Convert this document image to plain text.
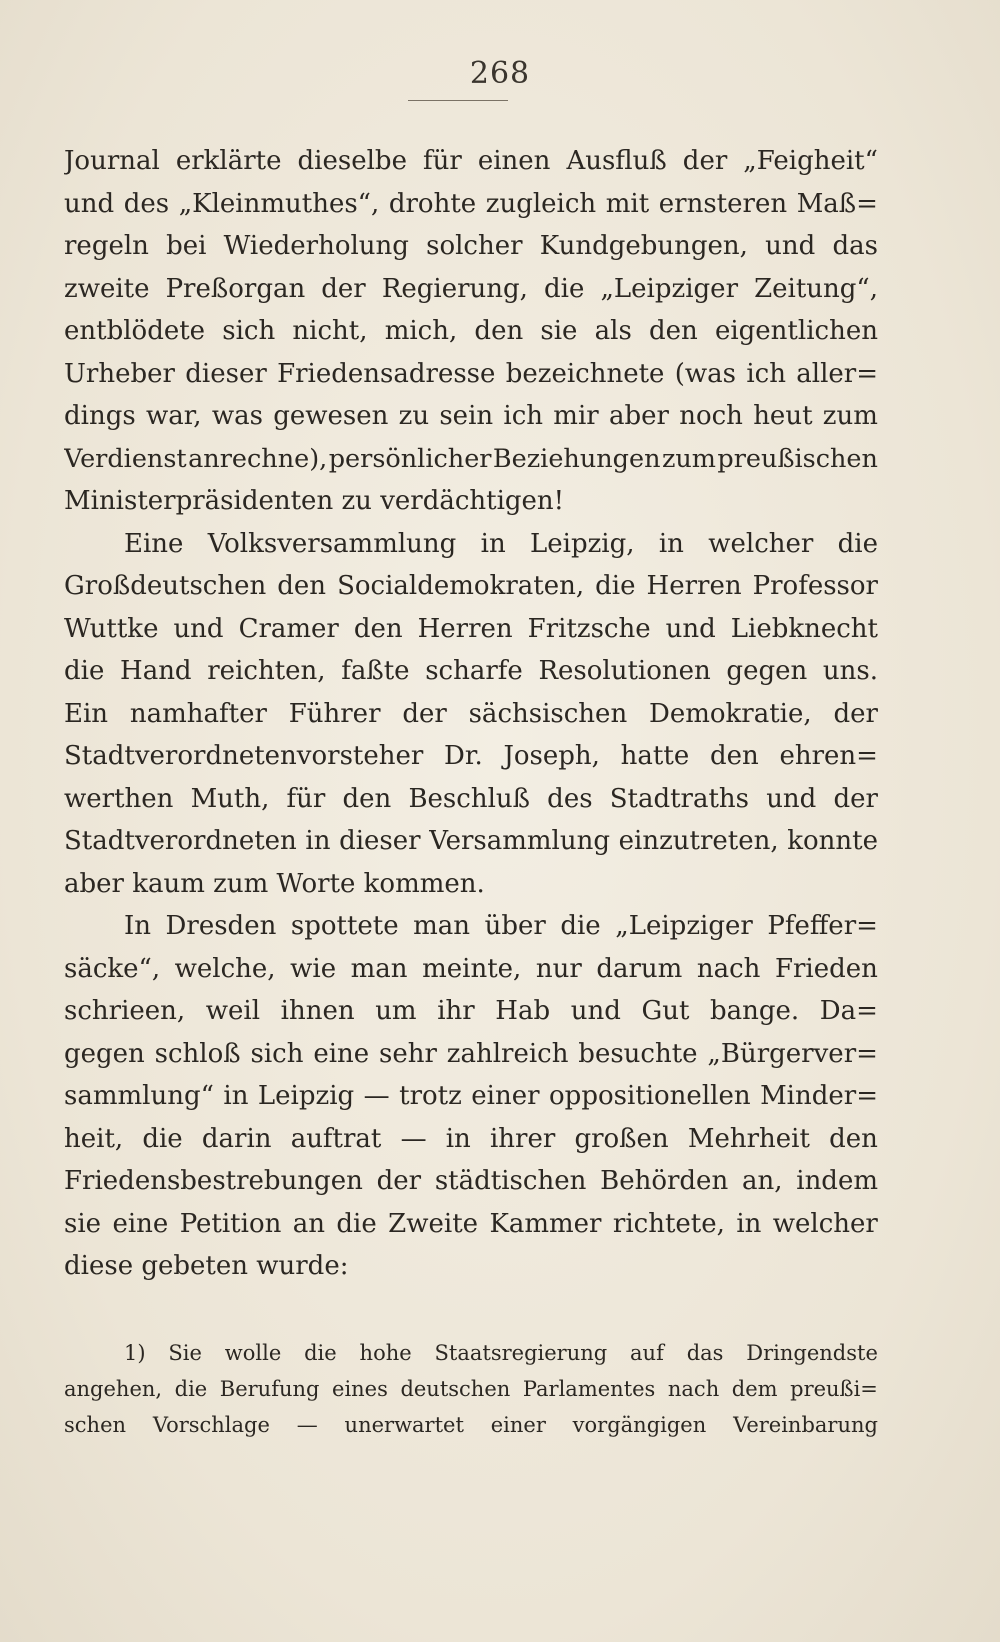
268
Journal erklärte dieselbe für einen Ausfluß der „Feigheit“
und des „Kleinmuthes“, drohte zugleich mit ernsteren Maß=
regeln bei Wiederholung solcher Kundgebungen, und das
zweite Preßorgan der Regierung, die „Leipziger Zeitung“,
entblödete sich nicht, mich, den sie als den eigentlichen
Urheber dieser Friedensadresse bezeichnete (was ich aller=
dings war, was gewesen zu sein ich mir aber noch heut zum
Verdienst anrechne), persönlicher Beziehungen zum preußischen
Ministerpräsidenten zu verdächtigen!
Eine Volksversammlung in Leipzig, in welcher die
Großdeutschen den Socialdemokraten, die Herren Professor
Wuttke und Cramer den Herren Fritzsche und Liebknecht
die Hand reichten, faßte scharfe Resolutionen gegen uns.
Ein namhafter Führer der sächsischen Demokratie, der
Stadtverordnetenvorsteher Dr. Joseph, hatte den ehren=
werthen Muth, für den Beschluß des Stadtraths und der
Stadtverordneten in dieser Versammlung einzutreten, konnte
aber kaum zum Worte kommen.
In Dresden spottete man über die „Leipziger Pfeffer=
säcke“, welche, wie man meinte, nur darum nach Frieden
schrieen, weil ihnen um ihr Hab und Gut bange. Da=
gegen schloß sich eine sehr zahlreich besuchte „Bürgerver=
sammlung“ in Leipzig — trotz einer oppositionellen Minder=
heit, die darin auftrat — in ihrer großen Mehrheit den
Friedensbestrebungen der städtischen Behörden an, indem
sie eine Petition an die Zweite Kammer richtete, in welcher
diese gebeten wurde:
1) Sie wolle die hohe Staatsregierung auf das Dringendste
angehen, die Berufung eines deutschen Parlamentes nach dem preußi=
schen Vorschlage — unerwartet einer vorgängigen Vereinbarung
